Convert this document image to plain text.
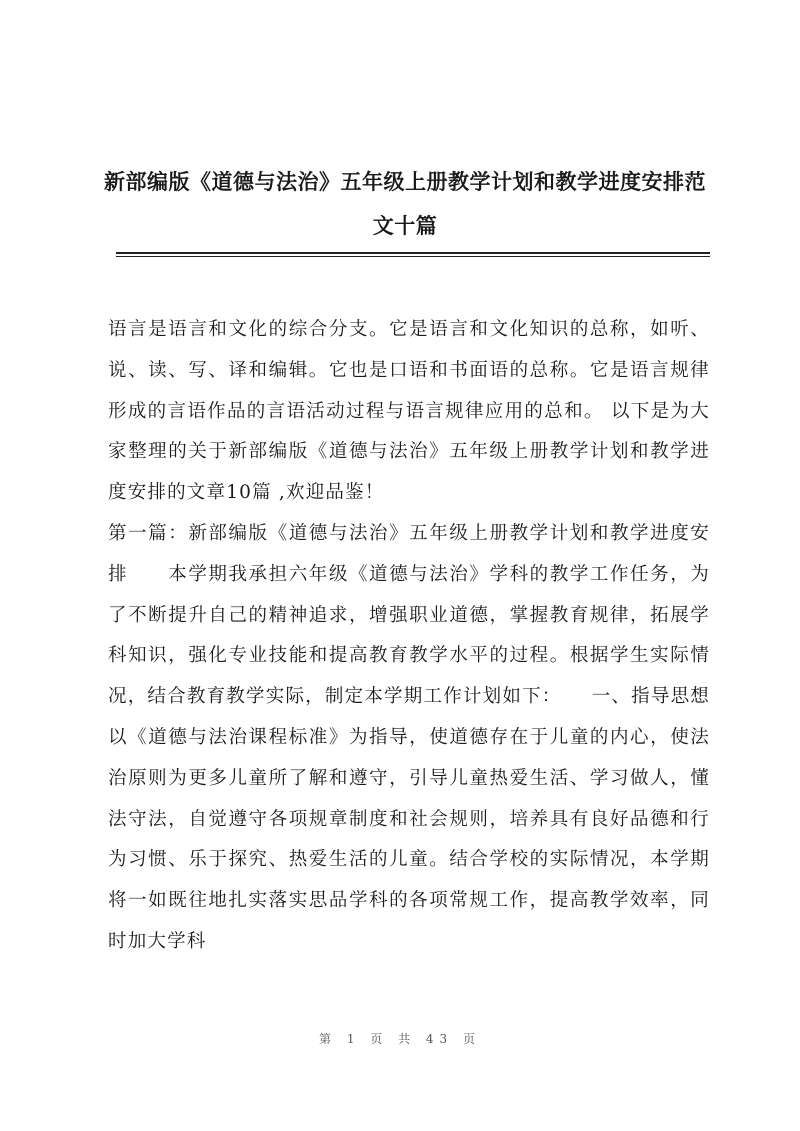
新部编版《道德与法治》五年级上册教学计划和教学进度安排范文十篇

语言是语言和文化的综合分支。它是语言和文化知识的总称，如听、说、读、写、译和编辑。它也是口语和书面语的总称。它是语言规律形成的言语作品的言语活动过程与语言规律应用的总和。 以下是为大家整理的关于新部编版《道德与法治》五年级上册教学计划和教学进度安排的文章10篇 ,欢迎品鉴！

第一篇：新部编版《道德与法治》五年级上册教学计划和教学进度安排　　本学期我承担六年级《道德与法治》学科的教学工作任务，为了不断提升自己的精神追求，增强职业道德，掌握教育规律，拓展学科知识，强化专业技能和提高教育教学水平的过程。根据学生实际情况，结合教育教学实际，制定本学期工作计划如下：　　一、指导思想以《道德与法治课程标准》为指导，使道德存在于儿童的内心，使法治原则为更多儿童所了解和遵守，引导儿童热爱生活、学习做人，懂法守法，自觉遵守各项规章制度和社会规则，培养具有良好品德和行为习惯、乐于探究、热爱生活的儿童。结合学校的实际情况，本学期将一如既往地扎实落实思品学科的各项常规工作，提高教学效率，同时加大学科

第 1 页 共 43 页
